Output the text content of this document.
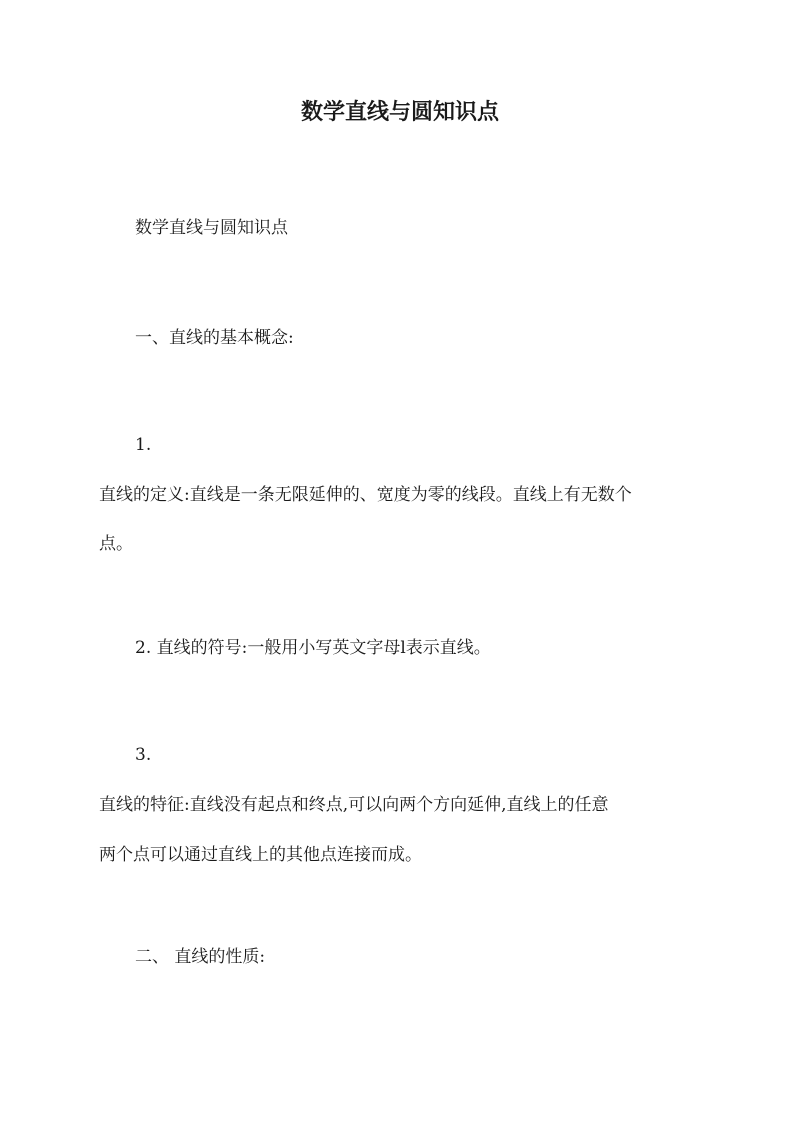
数学直线与圆知识点
数学直线与圆知识点
一、直线的基本概念:
1.
直线的定义:直线是一条无限延伸的、宽度为零的线段。直线上有无数个
点。
2. 直线的符号:一般用小写英文字母l表示直线。
3.
直线的特征:直线没有起点和终点,可以向两个方向延伸,直线上的任意
两个点可以通过直线上的其他点连接而成。
二、 直线的性质:
